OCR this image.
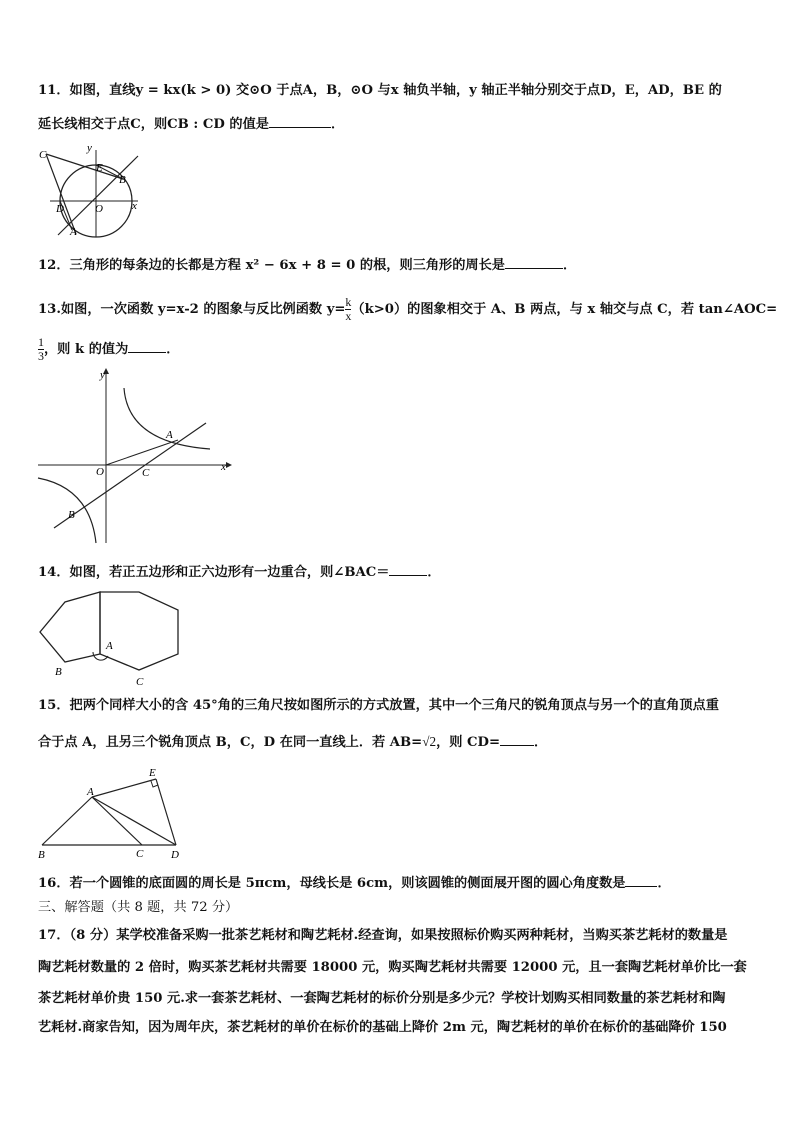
11．如图，直线y = kx(k > 0) 交⊙O 于点A，B，⊙O 与x 轴负半轴，y 轴正半轴分别交于点D，E，AD，BE 的
延长线相交于点C，则CB : CD 的值是	．
C
y
E
B
D	O	x
A
12．三角形的每条边的长都是方程 x² − 6x + 8 = 0 的根，则三角形的周长是	．
13.如图，一次函数 y=x-2 的图象与反比例函数 $y= \frac{k}{x} (k>0)$的图象相交于 A、B 两点，与 x 轴交与点 C，若 tan∠AOC=
$\frac{1}{3}$ ，则 k 的值为	．
y
A
O	C	x
B
14．如图，若正五边形和正六边形有一边重合，则∠BAC＝	．
A
B
C
15．把两个同样大小的含 45°角的三角尺按如图所示的方式放置，其中一个三角尺的锐角顶点与另一个的直角顶点重
合于点 A，且另三个锐角顶点 B，C，D 在同一直线上．若 AB=√2，则 CD=	．
E
A
B	C	D
16．若一个圆锥的底面圆的周长是 5πcm，母线长是 6cm，则该圆锥的侧面展开图的圆心角度数是 ．
三、解答题（共 8 题，共 72 分）
17．（8 分）某学校准备采购一批茶艺耗材和陶艺耗材.经查询，如果按照标价购买两种耗材，当购买茶艺耗材的数量是
陶艺耗材数量的 2 倍时，购买茶艺耗材共需要 18000 元，购买陶艺耗材共需要 12000 元，且一套陶艺耗材单价比一套
茶艺耗材单价贵 150 元.求一套茶艺耗材、一套陶艺耗材的标价分别是多少元？学校计划购买相同数量的茶艺耗材和陶
艺耗材.商家告知，因为周年庆，茶艺耗材的单价在标价的基础上降价 2m 元，陶艺耗材的单价在标价的基础降价 150
